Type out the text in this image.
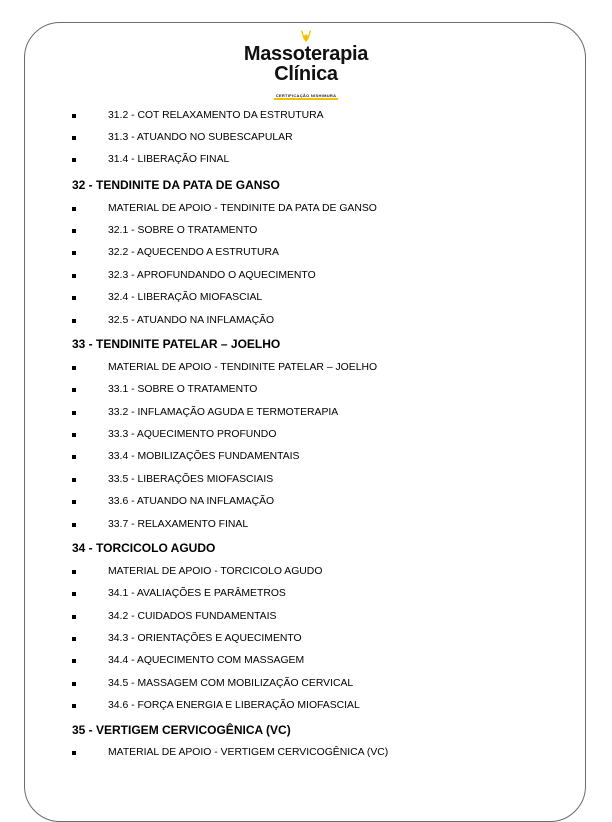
Massoterapia
Clínica
CERTIFICAÇÃO NISHIMURA
31.2 - COT RELAXAMENTO DA ESTRUTURA
31.3 - ATUANDO NO SUBESCAPULAR
31.4 - LIBERAÇÃO FINAL
32 - TENDINITE DA PATA DE GANSO
MATERIAL DE APOIO - TENDINITE DA PATA DE GANSO
32.1 - SOBRE O TRATAMENTO
32.2 - AQUECENDO A ESTRUTURA
32.3 - APROFUNDANDO O AQUECIMENTO
32.4 - LIBERAÇÃO MIOFASCIAL
32.5 - ATUANDO NA INFLAMAÇÃO
33 - TENDINITE PATELAR – JOELHO
MATERIAL DE APOIO - TENDINITE PATELAR – JOELHO
33.1 - SOBRE O TRATAMENTO
33.2 - INFLAMAÇÃO AGUDA E TERMOTERAPIA
33.3 - AQUECIMENTO PROFUNDO
33.4 - MOBILIZAÇÕES FUNDAMENTAIS
33.5 - LIBERAÇÕES MIOFASCIAIS
33.6 - ATUANDO NA INFLAMAÇÃO
33.7 - RELAXAMENTO FINAL
34 - TORCICOLO AGUDO
MATERIAL DE APOIO - TORCICOLO AGUDO
34.1 - AVALIAÇÕES E PARÂMETROS
34.2 - CUIDADOS FUNDAMENTAIS
34.3 - ORIENTAÇÕES E AQUECIMENTO
34.4 - AQUECIMENTO COM MASSAGEM
34.5 - MASSAGEM COM MOBILIZAÇÃO CERVICAL
34.6 - FORÇA ENERGIA E LIBERAÇÃO MIOFASCIAL
35 - VERTIGEM CERVICOGÊNICA (VC)
MATERIAL DE APOIO - VERTIGEM CERVICOGÊNICA (VC)
